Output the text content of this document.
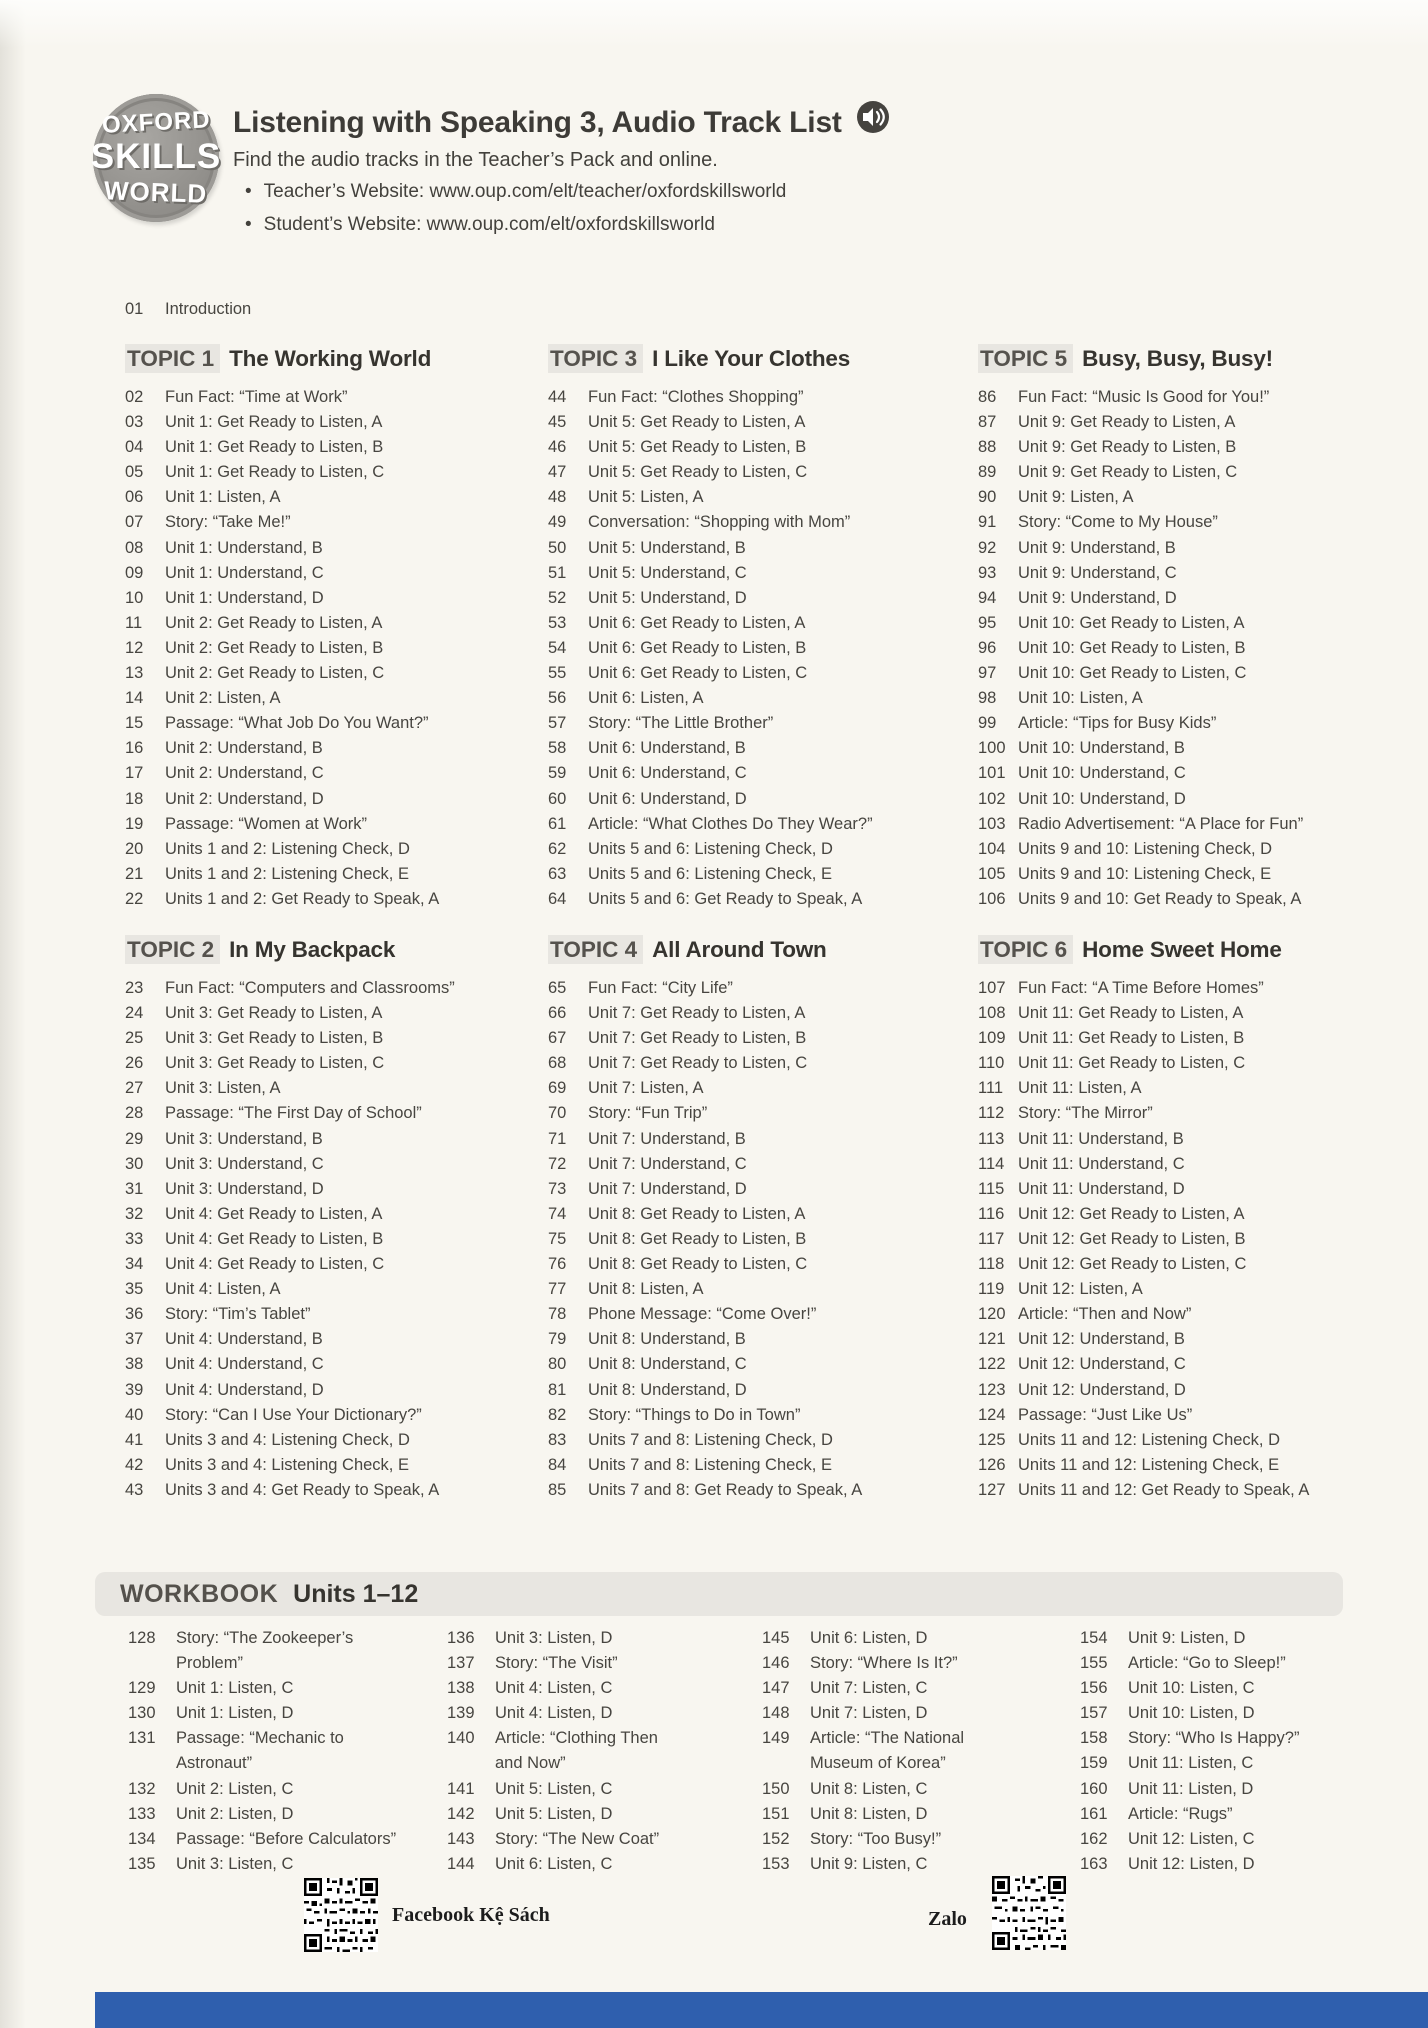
OXFORD
SKILLS
WORLD
Listening with Speaking 3, Audio Track List
Find the audio tracks in the Teacher’s Pack and online.
• Teacher’s Website: www.oup.com/elt/teacher/oxfordskillsworld
• Student’s Website: www.oup.com/elt/oxfordskillsworld
01	Introduction
TOPIC 1 The Working World
02	Fun Fact: “Time at Work”
03	Unit 1: Get Ready to Listen, A
04	Unit 1: Get Ready to Listen, B
05	Unit 1: Get Ready to Listen, C
06	Unit 1: Listen, A
07	Story: “Take Me!”
08	Unit 1: Understand, B
09	Unit 1: Understand, C
10	Unit 1: Understand, D
11	Unit 2: Get Ready to Listen, A
12	Unit 2: Get Ready to Listen, B
13	Unit 2: Get Ready to Listen, C
14	Unit 2: Listen, A
15	Passage: “What Job Do You Want?”
16	Unit 2: Understand, B
17	Unit 2: Understand, C
18	Unit 2: Understand, D
19	Passage: “Women at Work”
20	Units 1 and 2: Listening Check, D
21	Units 1 and 2: Listening Check, E
22	Units 1 and 2: Get Ready to Speak, A
TOPIC 2 In My Backpack
23	Fun Fact: “Computers and Classrooms”
24	Unit 3: Get Ready to Listen, A
25	Unit 3: Get Ready to Listen, B
26	Unit 3: Get Ready to Listen, C
27	Unit 3: Listen, A
28	Passage: “The First Day of School”
29	Unit 3: Understand, B
30	Unit 3: Understand, C
31	Unit 3: Understand, D
32	Unit 4: Get Ready to Listen, A
33	Unit 4: Get Ready to Listen, B
34	Unit 4: Get Ready to Listen, C
35	Unit 4: Listen, A
36	Story: “Tim’s Tablet”
37	Unit 4: Understand, B
38	Unit 4: Understand, C
39	Unit 4: Understand, D
40	Story: “Can I Use Your Dictionary?”
41	Units 3 and 4: Listening Check, D
42	Units 3 and 4: Listening Check, E
43	Units 3 and 4: Get Ready to Speak, A
TOPIC 3 I Like Your Clothes
44	Fun Fact: “Clothes Shopping”
45	Unit 5: Get Ready to Listen, A
46	Unit 5: Get Ready to Listen, B
47	Unit 5: Get Ready to Listen, C
48	Unit 5: Listen, A
49	Conversation: “Shopping with Mom”
50	Unit 5: Understand, B
51	Unit 5: Understand, C
52	Unit 5: Understand, D
53	Unit 6: Get Ready to Listen, A
54	Unit 6: Get Ready to Listen, B
55	Unit 6: Get Ready to Listen, C
56	Unit 6: Listen, A
57	Story: “The Little Brother”
58	Unit 6: Understand, B
59	Unit 6: Understand, C
60	Unit 6: Understand, D
61	Article: “What Clothes Do They Wear?”
62	Units 5 and 6: Listening Check, D
63	Units 5 and 6: Listening Check, E
64	Units 5 and 6: Get Ready to Speak, A
TOPIC 4 All Around Town
65	Fun Fact: “City Life”
66	Unit 7: Get Ready to Listen, A
67	Unit 7: Get Ready to Listen, B
68	Unit 7: Get Ready to Listen, C
69	Unit 7: Listen, A
70	Story: “Fun Trip”
71	Unit 7: Understand, B
72	Unit 7: Understand, C
73	Unit 7: Understand, D
74	Unit 8: Get Ready to Listen, A
75	Unit 8: Get Ready to Listen, B
76	Unit 8: Get Ready to Listen, C
77	Unit 8: Listen, A
78	Phone Message: “Come Over!”
79	Unit 8: Understand, B
80	Unit 8: Understand, C
81	Unit 8: Understand, D
82	Story: “Things to Do in Town”
83	Units 7 and 8: Listening Check, D
84	Units 7 and 8: Listening Check, E
85	Units 7 and 8: Get Ready to Speak, A
TOPIC 5 Busy, Busy, Busy!
86	Fun Fact: “Music Is Good for You!”
87	Unit 9: Get Ready to Listen, A
88	Unit 9: Get Ready to Listen, B
89	Unit 9: Get Ready to Listen, C
90	Unit 9: Listen, A
91	Story: “Come to My House”
92	Unit 9: Understand, B
93	Unit 9: Understand, C
94	Unit 9: Understand, D
95	Unit 10: Get Ready to Listen, A
96	Unit 10: Get Ready to Listen, B
97	Unit 10: Get Ready to Listen, C
98	Unit 10: Listen, A
99	Article: “Tips for Busy Kids”
100 Unit 10: Understand, B
101 Unit 10: Understand, C
102 Unit 10: Understand, D
103 Radio Advertisement: “A Place for Fun”
104 Units 9 and 10: Listening Check, D
105 Units 9 and 10: Listening Check, E
106 Units 9 and 10: Get Ready to Speak, A
TOPIC 6 Home Sweet Home
107 Fun Fact: “A Time Before Homes”
108 Unit 11: Get Ready to Listen, A
109 Unit 11: Get Ready to Listen, B
110 Unit 11: Get Ready to Listen, C
111 Unit 11: Listen, A
112 Story: “The Mirror”
113 Unit 11: Understand, B
114 Unit 11: Understand, C
115 Unit 11: Understand, D
116 Unit 12: Get Ready to Listen, A
117 Unit 12: Get Ready to Listen, B
118 Unit 12: Get Ready to Listen, C
119 Unit 12: Listen, A
120 Article: “Then and Now”
121 Unit 12: Understand, B
122 Unit 12: Understand, C
123 Unit 12: Understand, D
124 Passage: “Just Like Us”
125 Units 11 and 12: Listening Check, D
126 Units 11 and 12: Listening Check, E
127 Units 11 and 12: Get Ready to Speak, A
WORKBOOK Units 1–12
128	Story: “The Zookeeper’s Problem”
129	Unit 1: Listen, C
130	Unit 1: Listen, D
131	Passage: “Mechanic to Astronaut”
132	Unit 2: Listen, C
133	Unit 2: Listen, D
134	Passage: “Before Calculators”
135	Unit 3: Listen, C
136	Unit 3: Listen, D
137	Story: “The Visit”
138	Unit 4: Listen, C
139	Unit 4: Listen, D
140	Article: “Clothing Then and Now”
141	Unit 5: Listen, C
142	Unit 5: Listen, D
143	Story: “The New Coat”
144	Unit 6: Listen, C
145	Unit 6: Listen, D
146	Story: “Where Is It?”
147	Unit 7: Listen, C
148	Unit 7: Listen, D
149	Article: “The National Museum of Korea”
150	Unit 8: Listen, C
151	Unit 8: Listen, D
152	Story: “Too Busy!”
153	Unit 9: Listen, C
154	Unit 9: Listen, D
155	Article: “Go to Sleep!”
156	Unit 10: Listen, C
157	Unit 10: Listen, D
158	Story: “Who Is Happy?”
159	Unit 11: Listen, C
160	Unit 11: Listen, D
161	Article: “Rugs”
162	Unit 12: Listen, C
163	Unit 12: Listen, D
Facebook Kệ Sách	Zalo
